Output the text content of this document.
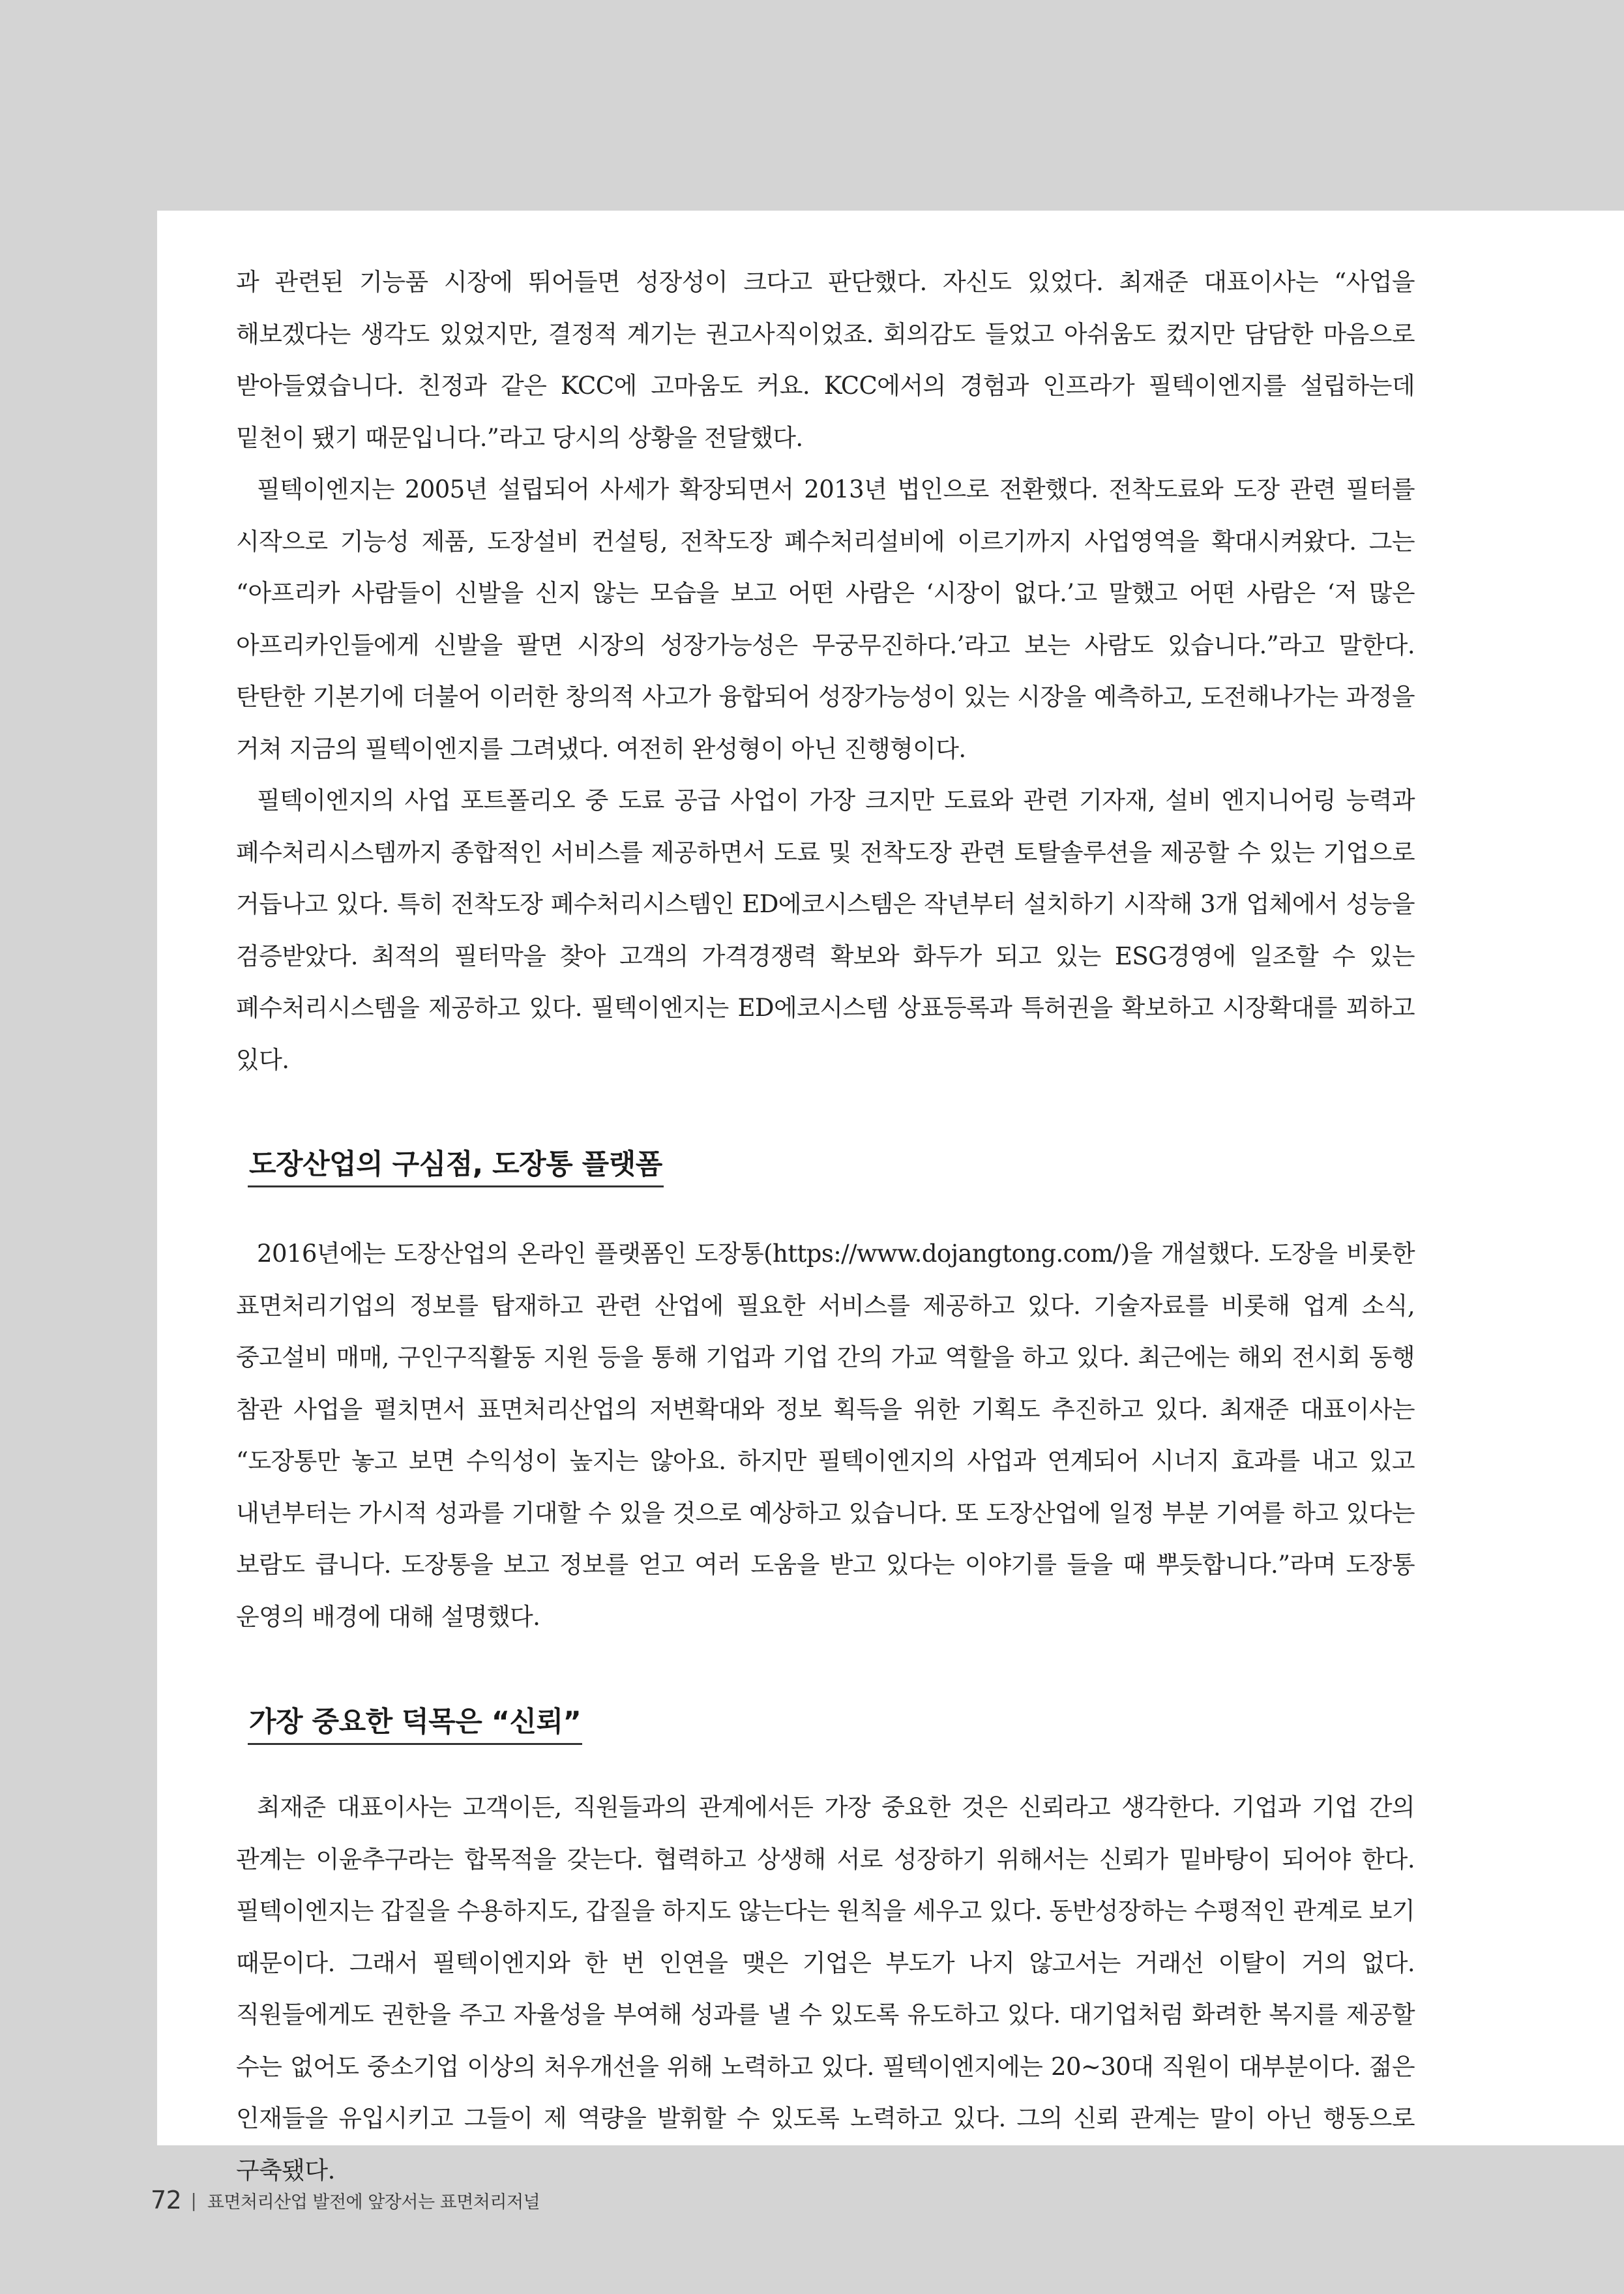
과 관련된 기능품 시장에 뛰어들면 성장성이 크다고 판단했다. 자신도 있었다. 최재준 대표이사는 “사업을 해보겠다는 생각도 있었지만, 결정적 계기는 권고사직이었죠. 회의감도 들었고 아쉬움도 컸지만 담담한 마음으로 받아들였습니다. 친정과 같은 KCC에 고마움도 커요. KCC에서의 경험과 인프라가 필텍이엔지를 설립하는데 밑천이 됐기 때문입니다.”라고 당시의 상황을 전달했다.

필텍이엔지는 2005년 설립되어 사세가 확장되면서 2013년 법인으로 전환했다. 전착도료와 도장 관련 필터를 시작으로 기능성 제품, 도장설비 컨설팅, 전착도장 폐수처리설비에 이르기까지 사업영역을 확대시켜왔다. 그는 “아프리카 사람들이 신발을 신지 않는 모습을 보고 어떤 사람은 ‘시장이 없다.’고 말했고 어떤 사람은 ‘저 많은 아프리카인들에게 신발을 팔면 시장의 성장가능성은 무궁무진하다.’라고 보는 사람도 있습니다.”라고 말한다. 탄탄한 기본기에 더불어 이러한 창의적 사고가 융합되어 성장가능성이 있는 시장을 예측하고, 도전해나가는 과정을 거쳐 지금의 필텍이엔지를 그려냈다. 여전히 완성형이 아닌 진행형이다.

필텍이엔지의 사업 포트폴리오 중 도료 공급 사업이 가장 크지만 도료와 관련 기자재, 설비 엔지니어링 능력과 폐수처리시스템까지 종합적인 서비스를 제공하면서 도료 및 전착도장 관련 토탈솔루션을 제공할 수 있는 기업으로 거듭나고 있다. 특히 전착도장 폐수처리시스템인 ED에코시스템은 작년부터 설치하기 시작해 3개 업체에서 성능을 검증받았다. 최적의 필터막을 찾아 고객의 가격경쟁력 확보와 화두가 되고 있는 ESG경영에 일조할 수 있는 폐수처리시스템을 제공하고 있다. 필텍이엔지는 ED에코시스템 상표등록과 특허권을 확보하고 시장확대를 꾀하고 있다.

도장산업의 구심점, 도장통 플랫폼

2016년에는 도장산업의 온라인 플랫폼인 도장통(https://www.dojangtong.com/)을 개설했다. 도장을 비롯한 표면처리기업의 정보를 탑재하고 관련 산업에 필요한 서비스를 제공하고 있다. 기술자료를 비롯해 업계 소식, 중고설비 매매, 구인구직활동 지원 등을 통해 기업과 기업 간의 가교 역할을 하고 있다. 최근에는 해외 전시회 동행 참관 사업을 펼치면서 표면처리산업의 저변확대와 정보 획득을 위한 기획도 추진하고 있다. 최재준 대표이사는 “도장통만 놓고 보면 수익성이 높지는 않아요. 하지만 필텍이엔지의 사업과 연계되어 시너지 효과를 내고 있고 내년부터는 가시적 성과를 기대할 수 있을 것으로 예상하고 있습니다. 또 도장산업에 일정 부분 기여를 하고 있다는 보람도 큽니다. 도장통을 보고 정보를 얻고 여러 도움을 받고 있다는 이야기를 들을 때 뿌듯합니다.”라며 도장통 운영의 배경에 대해 설명했다.

가장 중요한 덕목은 “신뢰”

최재준 대표이사는 고객이든, 직원들과의 관계에서든 가장 중요한 것은 신뢰라고 생각한다. 기업과 기업 간의 관계는 이윤추구라는 합목적을 갖는다. 협력하고 상생해 서로 성장하기 위해서는 신뢰가 밑바탕이 되어야 한다. 필텍이엔지는 갑질을 수용하지도, 갑질을 하지도 않는다는 원칙을 세우고 있다. 동반성장하는 수평적인 관계로 보기 때문이다. 그래서 필텍이엔지와 한 번 인연을 맺은 기업은 부도가 나지 않고서는 거래선 이탈이 거의 없다. 직원들에게도 권한을 주고 자율성을 부여해 성과를 낼 수 있도록 유도하고 있다. 대기업처럼 화려한 복지를 제공할 수는 없어도 중소기업 이상의 처우개선을 위해 노력하고 있다. 필텍이엔지에는 20~30대 직원이 대부분이다. 젊은 인재들을 유입시키고 그들이 제 역량을 발휘할 수 있도록 노력하고 있다. 그의 신뢰 관계는 말이 아닌 행동으로 구축됐다.

72 | 표면처리산업 발전에 앞장서는 표면처리저널
